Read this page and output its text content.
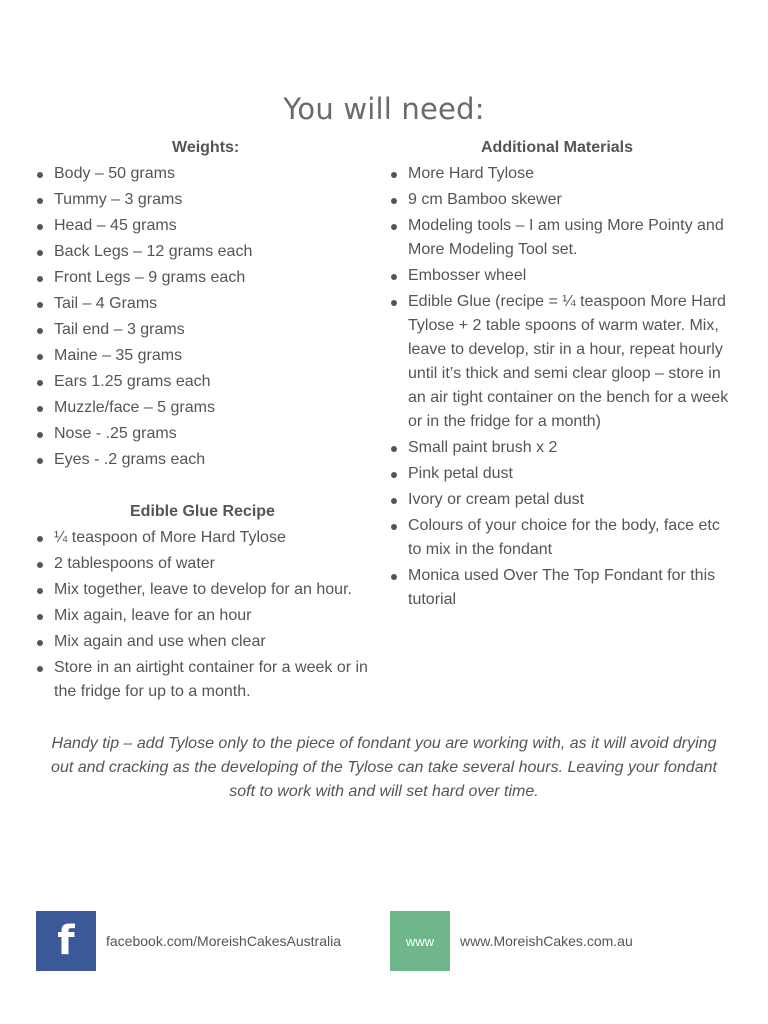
You will need:
Weights:
Body – 50 grams
Tummy – 3 grams
Head – 45 grams
Back Legs – 12 grams each
Front Legs – 9 grams each
Tail – 4 Grams
Tail end – 3 grams
Maine – 35 grams
Ears 1.25 grams each
Muzzle/face – 5 grams
Nose - .25 grams
Eyes - .2 grams each
Edible Glue Recipe
¼ teaspoon of More Hard Tylose
2 tablespoons of water
Mix together, leave to develop for an hour.
Mix again, leave for an hour
Mix again and use when clear
Store in an airtight container for a week or in the fridge for up to a month.
Additional Materials
More Hard Tylose
9 cm Bamboo skewer
Modeling tools – I am using More Pointy and More Modeling Tool set.
Embosser wheel
Edible Glue (recipe = ¼ teaspoon More Hard Tylose + 2 table spoons of warm water. Mix, leave to develop, stir in a hour, repeat hourly until it’s thick and semi clear gloop – store in an air tight container on the bench for a week or in the fridge for a month)
Small paint brush x 2
Pink petal dust
Ivory or cream petal dust
Colours of your choice for the body, face etc to mix in the fondant
Monica used Over The Top Fondant for this tutorial
Handy tip – add Tylose only to the piece of fondant you are working with, as it will avoid drying out and cracking as the developing of the Tylose can take several hours. Leaving your fondant soft to work with and will set hard over time.
f	facebook.com/MoreishCakesAustralia	www	www.MoreishCakes.com.au
